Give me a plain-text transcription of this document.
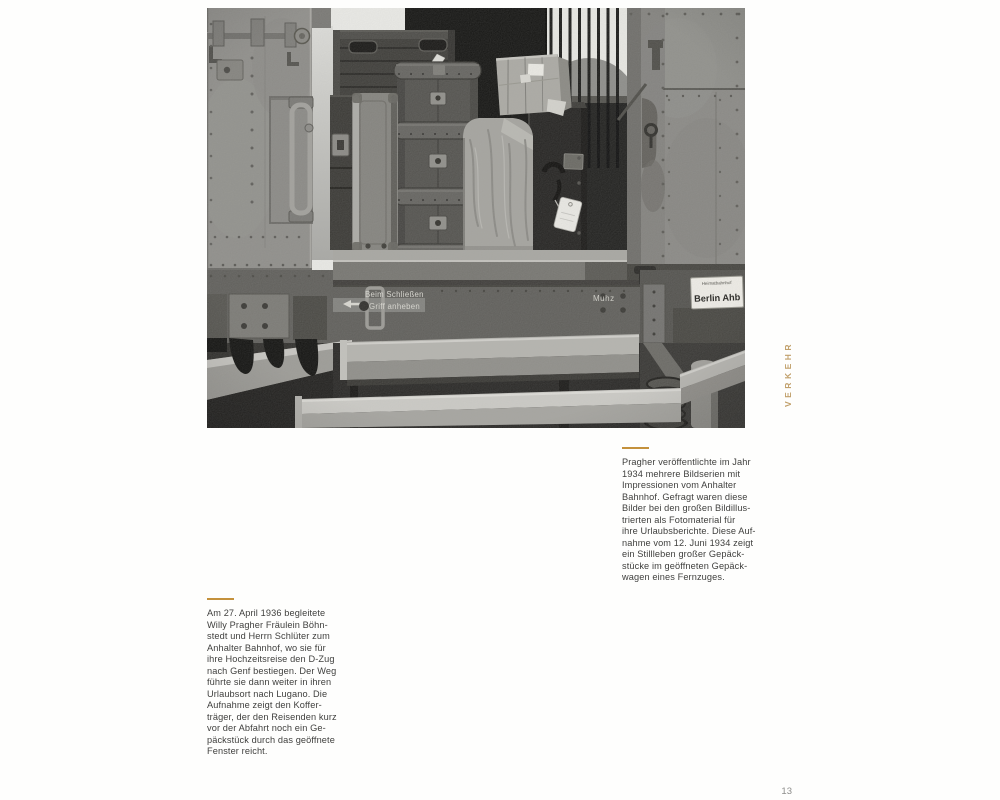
VERKEHR
Pragher veröffentlichte im Jahr
1934 mehrere Bildserien mit
Impressionen vom Anhalter
Bahnhof. Gefragt waren diese
Bilder bei den großen Bildillus-
trierten als Fotomaterial für
ihre Urlaubsberichte. Diese Auf-
nahme vom 12. Juni 1934 zeigt
ein Stillleben großer Gepäck-
stücke im geöffneten Gepäck-
wagen eines Fernzuges.
Am 27. April 1936 begleitete
Willy Pragher Fräulein Böhn-
stedt und Herrn Schlüter zum
Anhalter Bahnhof, wo sie für
ihre Hochzeitsreise den D-Zug
nach Genf bestiegen. Der Weg
führte sie dann weiter in ihren
Urlaubsort nach Lugano. Die
Aufnahme zeigt den Koffer-
träger, der den Reisenden kurz
vor der Abfahrt noch ein Ge-
päckstück durch das geöffnete
Fenster reicht.
13
